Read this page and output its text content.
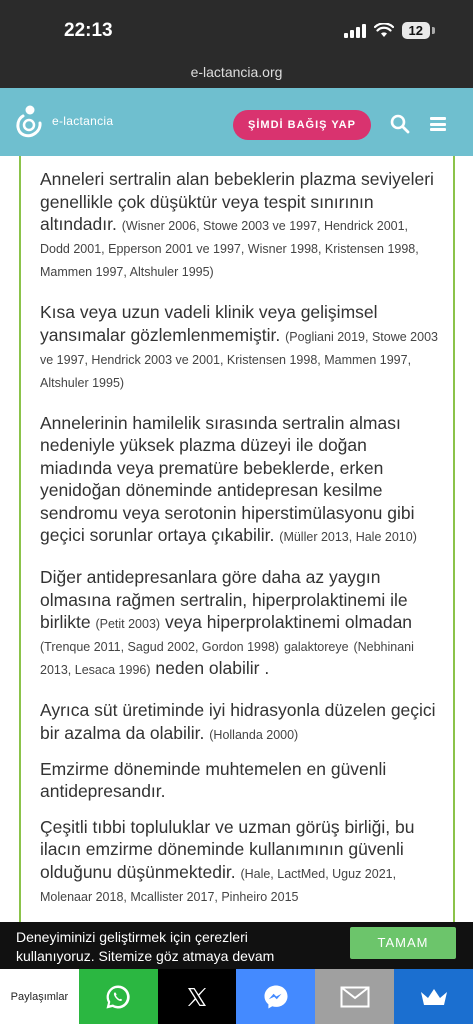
22:13	12
e-lactancia.org
e-lactancia	ŞİMDİ BAĞIŞ YAP

Anneleri sertralin alan bebeklerin plazma seviyeleri genellikle çok düşüktür veya tespit sınırının altındadır. (Wisner 2006, Stowe 2003 ve 1997, Hendrick 2001, Dodd 2001, Epperson 2001 ve 1997, Wisner 1998, Kristensen 1998, Mammen 1997, Altshuler 1995)

Kısa veya uzun vadeli klinik veya gelişimsel yansımalar gözlemlenmemiştir. (Pogliani 2019, Stowe 2003 ve 1997, Hendrick 2003 ve 2001, Kristensen 1998, Mammen 1997, Altshuler 1995)

Annelerinin hamilelik sırasında sertralin alması nedeniyle yüksek plazma düzeyi ile doğan miadında veya prematüre bebeklerde, erken yenidoğan döneminde antidepresan kesilme sendromu veya serotonin hiperstimülasyonu gibi geçici sorunlar ortaya çıkabilir. (Müller 2013, Hale 2010)

Diğer antidepresanlara göre daha az yaygın olmasına rağmen sertralin, hiperprolaktinemi ile birlikte (Petit 2003) veya hiperprolaktinemi olmadan (Trenque 2011, Sagud 2002, Gordon 1998) galaktoreye (Nebhinani 2013, Lesaca 1996) neden olabilir .

Ayrıca süt üretiminde iyi hidrasyonla düzelen geçici bir azalma da olabilir. (Hollanda 2000)

Emzirme döneminde muhtemelen en güvenli antidepresandır.

Çeşitli tıbbi topluluklar ve uzman görüş birliği, bu ilacın emzirme döneminde kullanımının güvenli olduğunu düşünmektedir. (Hale, LactMed, Uguz 2021, Molenaar 2018, Mcallister 2017, Pinheiro 2015

Deneyiminizi geliştirmek için çerezleri kullanıyoruz. Sitemize göz atmaya devam
TAMAM
Paylaşımlar
